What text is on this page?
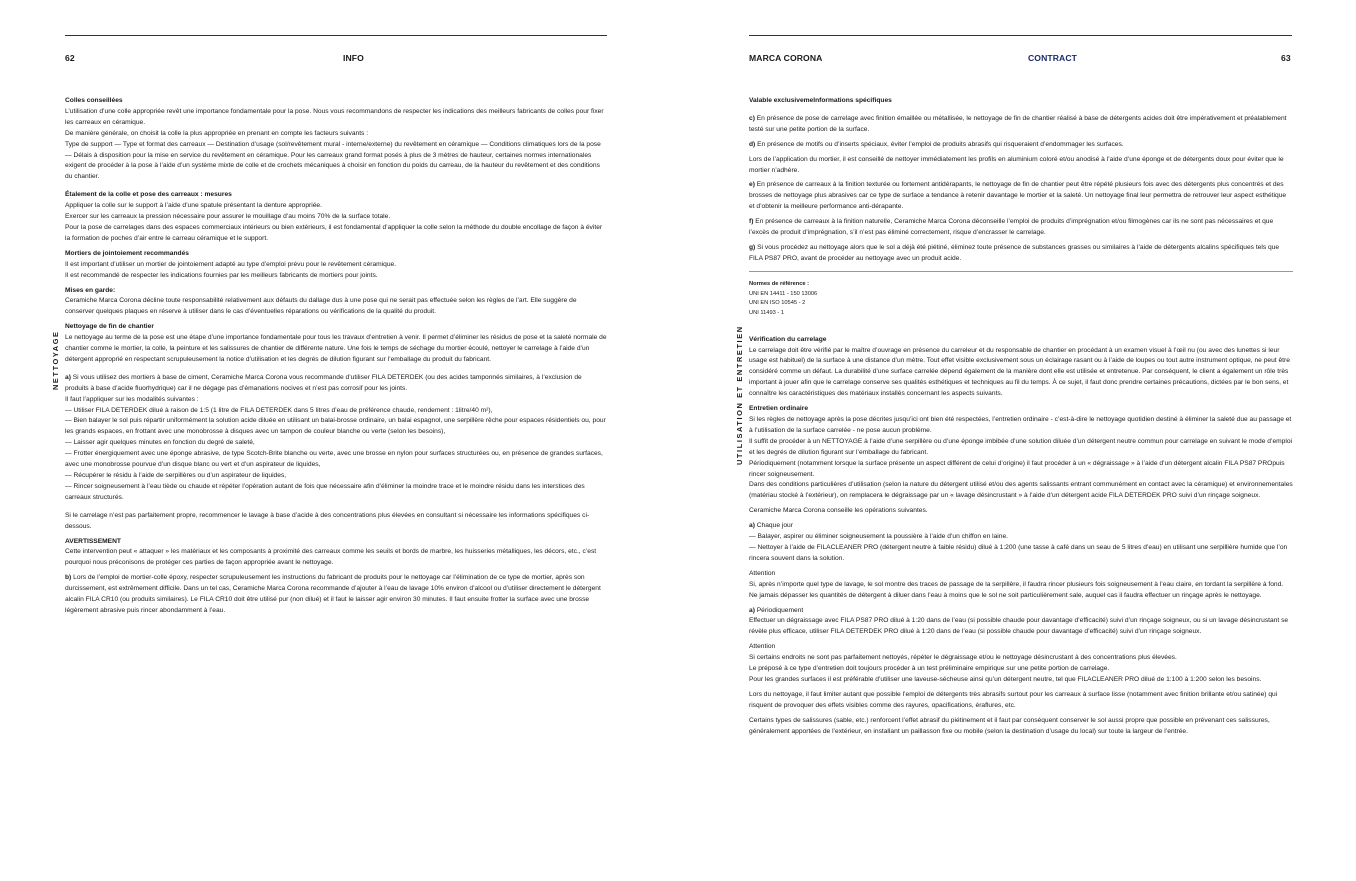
62	INFO
NETTOYAGE

Colles conseillées

L’utilisation d’une colle appropriée revêt une importance fondamentale pour la pose. Nous vous recommandons de respecter les indications des meilleurs fabricants de colles pour fixer les carreaux en céramique.

De manière générale, on choisit la colle la plus appropriée en prenant en compte les facteurs suivants :

Type de support — Type et format des carreaux — Destination d’usage (sol/revêtement mural - interne/externe) du revêtement en céramique — Conditions climatiques lors de la pose — Délais à disposition pour la mise en service du revêtement en céramique. Pour les carreaux grand format posés à plus de 3 mètres de hauteur, certaines normes internationales exigent de procéder à la pose à l’aide d’un système mixte de colle et de crochets mécaniques à choisir en fonction du poids du carreau, de la hauteur du revêtement et des conditions du chantier.

Étalement de la colle et pose des carreaux : mesures

Appliquer la colle sur le support à l’aide d’une spatule présentant la denture appropriée.

Exercer sur les carreaux la pression nécessaire pour assurer le mouillage d’au moins 70% de la surface totale.

Pour la pose de carrelages dans des espaces commerciaux intérieurs ou bien extérieurs, il est fondamental d’appliquer la colle selon la méthode du double encollage de façon à éviter la formation de poches d’air entre le carreau céramique et le support.

Mortiers de jointoiement recommandés

Il est important d’utiliser un mortier de jointoiement adapté au type d’emploi prévu pour le revêtement céramique.

Il est recommandé de respecter les indications fournies par les meilleurs fabricants de mortiers pour joints.

Mises en garde:

Ceramiche Marca Corona décline toute responsabilité relativement aux défauts du dallage dus à une pose qui ne serait pas effectuée selon les règles de l’art. Elle suggère de conserver quelques plaques en réserve à utiliser dans le cas d’éventuelles réparations ou vérifications de la qualité du produit.

Nettoyage de fin de chantier

Le nettoyage au terme de la pose est une étape d’une importance fondamentale pour tous les travaux d’entretien à venir. Il permet d’éliminer les résidus de pose et la saleté normale de chantier comme le mortier, la colle, la peinture et les salissures de chantier de différente nature. Une fois le temps de séchage du mortier écoulé, nettoyer le carrelage à l’aide d’un détergent approprié en respectant scrupuleusement la notice d’utilisation et les degrés de dilution figurant sur l’emballage du produit du fabricant.

a) Si vous utilisez des mortiers à base de ciment, Ceramiche Marca Corona vous recommande d’utiliser FILA DETERDEK (ou des acides tamponnés similaires, à l’exclusion de produits à base d’acide fluorhydrique) car il ne dégage pas d’émanations nocives et n’est pas corrosif pour les joints.

Il faut l’appliquer sur les modalités suivantes :

— Utiliser FILA DETERDEK dilué à raison de 1:5 (1 litre de FILA DETERDEK dans 5 litres d’eau de préférence chaude, rendement : 1litre/40 m²),

— Bien balayer le sol puis répartir uniformément la solution acide diluée en utilisant un balai-brosse ordinaire, un balai espagnol, une serpillère rêche pour espaces résidentiels ou, pour les grands espaces, en frottant avec une monobrosse à disques avec un tampon de couleur blanche ou verte (selon les besoins),

— Laisser agir quelques minutes en fonction du degré de saleté,

— Frotter énergiquement avec une éponge abrasive, de type Scotch-Brite blanche ou verte, avec une brosse en nylon pour surfaces structurées ou, en présence de grandes surfaces, avec une monobrosse pourvue d’un disque blanc ou vert et d’un aspirateur de liquides,

— Récupérer le résidu à l’aide de serpillères ou d’un aspirateur de liquides,

— Rincer soigneusement à l’eau tiède ou chaude et répéter l’opération autant de fois que nécessaire afin d’éliminer la moindre trace et le moindre résidu dans les interstices des carreaux structurés.

Si le carrelage n’est pas parfaitement propre, recommencer le lavage à base d’acide à des concentrations plus élevées en consultant si nécessaire les informations spécifiques ci-dessous.

AVERTISSEMENT

Cette intervention peut « attaquer » les matériaux et les composants à proximité des carreaux comme les seuils et bords de marbre, les huisseries métalliques, les décors, etc., c’est pourquoi nous préconisons de protéger ces parties de façon appropriée avant le nettoyage.

b) Lors de l’emploi de mortier-colle époxy, respecter scrupuleusement les instructions du fabricant de produits pour le nettoyage car l’élimination de ce type de mortier, après son durcissement, est extrêmement difficile. Dans un tel cas, Ceramiche Marca Corona recommande d’ajouter à l’eau de lavage 10% environ d’alcool ou d’utiliser directement le détergent alcalin FILA CR10 (ou produits similaires). Le FILA CR10 doit être utilisé pur (non dilué) et il faut le laisser agir environ 30 minutes. Il faut ensuite frotter la surface avec une brosse légèrement abrasive puis rincer abondamment à l’eau.

MARCA CORONA	CONTRACT	63
UTILISATION ET ENTRETIEN

Valable exclusivemeInformations spécifiques

c) En présence de pose de carrelage avec finition émaillée ou métallisée, le nettoyage de fin de chantier réalisé à base de détergents acides doit être impérativement et préalablement testé sur une petite portion de la surface.

d) En présence de motifs ou d’inserts spéciaux, éviter l’emploi de produits abrasifs qui risqueraient d’endommager les surfaces.

Lors de l’application du mortier, il est conseillé de nettoyer immédiatement les profils en aluminium coloré et/ou anodisé à l’aide d’une éponge et de détergents doux pour éviter que le mortier n’adhère.

e) En présence de carreaux à la finition texturée ou fortement antidérapants, le nettoyage de fin de chantier peut être répété plusieurs fois avec des détergents plus concentrés et des brosses de nettoyage plus abrasives car ce type de surface a tendance à retenir davantage le mortier et la saleté. Un nettoyage final leur permettra de retrouver leur aspect esthétique et d’obtenir la meilleure performance anti-dérapante.

f) En présence de carreaux à la finition naturelle, Ceramiche Marca Corona déconseille l’emploi de produits d’imprégnation et/ou filmogènes car ils ne sont pas nécessaires et que l’excès de produit d’imprégnation, s’il n’est pas éliminé correctement, risque d’encrasser le carrelage.

g) Si vous procédez au nettoyage alors que le sol a déjà été piétiné, éliminez toute présence de substances grasses ou similaires à l’aide de détergents alcalins spécifiques tels que FILA PS87 PRO, avant de procéder au nettoyage avec un produit acide.

Normes de référence :

UNI EN 14411 - 150 13006

UNI EN ISO 10545 - 2

UNI 11493 - 1

Vérification du carrelage

Le carrelage doit être vérifié par le maître d’ouvrage en présence du carreleur et du responsable de chantier en procédant à un examen visuel à l’œil nu (ou avec des lunettes si leur usage est habituel) de la surface à une distance d’un mètre. Tout effet visible exclusivement sous un éclairage rasant ou à l’aide de loupes ou tout autre instrument optique, ne peut être considéré comme un défaut. La durabilité d’une surface carrelée dépend également de la manière dont elle est utilisée et entretenue. Par conséquent, le client a également un rôle très important à jouer afin que le carrelage conserve ses qualités esthétiques et techniques au fil du temps. À ce sujet, il faut donc prendre certaines précautions, dictées par le bon sens, et connaître les caractéristiques des matériaux installés concernant les aspects suivants.

Entretien ordinaire

Si les règles de nettoyage après la pose décrites jusqu’ici ont bien été respectées, l’entretien ordinaire - c’est-à-dire le nettoyage quotidien destiné à éliminer la saleté due au passage et à l’utilisation de la surface carrelée - ne pose aucun problème.

Il suffit de procéder à un NETTOYAGE à l’aide d’une serpillère ou d’une éponge imbibée d’une solution diluée d’un détergent neutre commun pour carrelage en suivant le mode d’emploi et les degrés de dilution figurant sur l’emballage du fabricant.

Périodiquement (notamment lorsque la surface présente un aspect différent de celui d’origine) il faut procéder à un « dégraissage » à l’aide d’un détergent alcalin FILA PS87 PROpuis rincer soigneusement.

Dans des conditions particulières d’utilisation (selon la nature du détergent utilisé et/ou des agents salissants entrant communément en contact avec la céramique) et environnementales (matériau stocké à l’extérieur), on remplacera le dégraissage par un « lavage désincrustant » à l’aide d’un détergent acide FILA DETERDEK PRO suivi d’un rinçage soigneux.

Ceramiche Marca Corona conseille les opérations suivantes.

a) Chaque jour

— Balayer, aspirer ou éliminer soigneusement la poussière à l’aide d’un chiffon en laine.

— Nettoyer à l’aide de FILACLEANER PRO (détergent neutre à faible résidu) dilué à 1:200 (une tasse à café dans un seau de 5 litres d’eau) en utilisant une serpillière humide que l’on rincera souvent dans la solution.

Attention

Si, après n’importe quel type de lavage, le sol montre des traces de passage de la serpillère, il faudra rincer plusieurs fois soigneusement à l’eau claire, en tordant la serpillère à fond. Ne jamais dépasser les quantités de détergent à diluer dans l’eau à moins que le sol ne soit particulièrement sale, auquel cas il faudra effectuer un rinçage après le nettoyage.

a) Périodiquement

Effectuer un dégraissage avec FILA PS87 PRO dilué à 1:20 dans de l’eau (si possible chaude pour davantage d’efficacité) suivi d’un rinçage soigneux, ou si un lavage désincrustant se révèle plus efficace, utiliser FILA DETERDEK PRO dilué à 1:20 dans de l’eau (si possible chaude pour davantage d’efficacité) suivi d’un rinçage soigneux.

Attention

Si certains endroits ne sont pas parfaitement nettoyés, répéter le dégraissage et/ou le nettoyage désincrustant à des concentrations plus élevées.

Le préposé à ce type d’entretien doit toujours procéder à un test préliminaire empirique sur une petite portion de carrelage.

Pour les grandes surfaces il est préférable d’utiliser une laveuse-sécheuse ainsi qu’un détergent neutre, tel que FILACLEANER PRO dilué de 1:100 à 1:200 selon les besoins.

Lors du nettoyage, il faut limiter autant que possible l’emploi de détergents très abrasifs surtout pour les carreaux à surface lisse (notamment avec finition brillante et/ou satinée) qui risquent de provoquer des effets visibles comme des rayures, opacifications, éraflures, etc.

Certains types de salissures (sable, etc.) renforcent l’effet abrasif du piétinement et il faut par conséquent conserver le sol aussi propre que possible en prévenant ces salissures, généralement apportées de l’extérieur, en installant un paillasson fixe ou mobile (selon la destination d’usage du local) sur toute la largeur de l’entrée.
